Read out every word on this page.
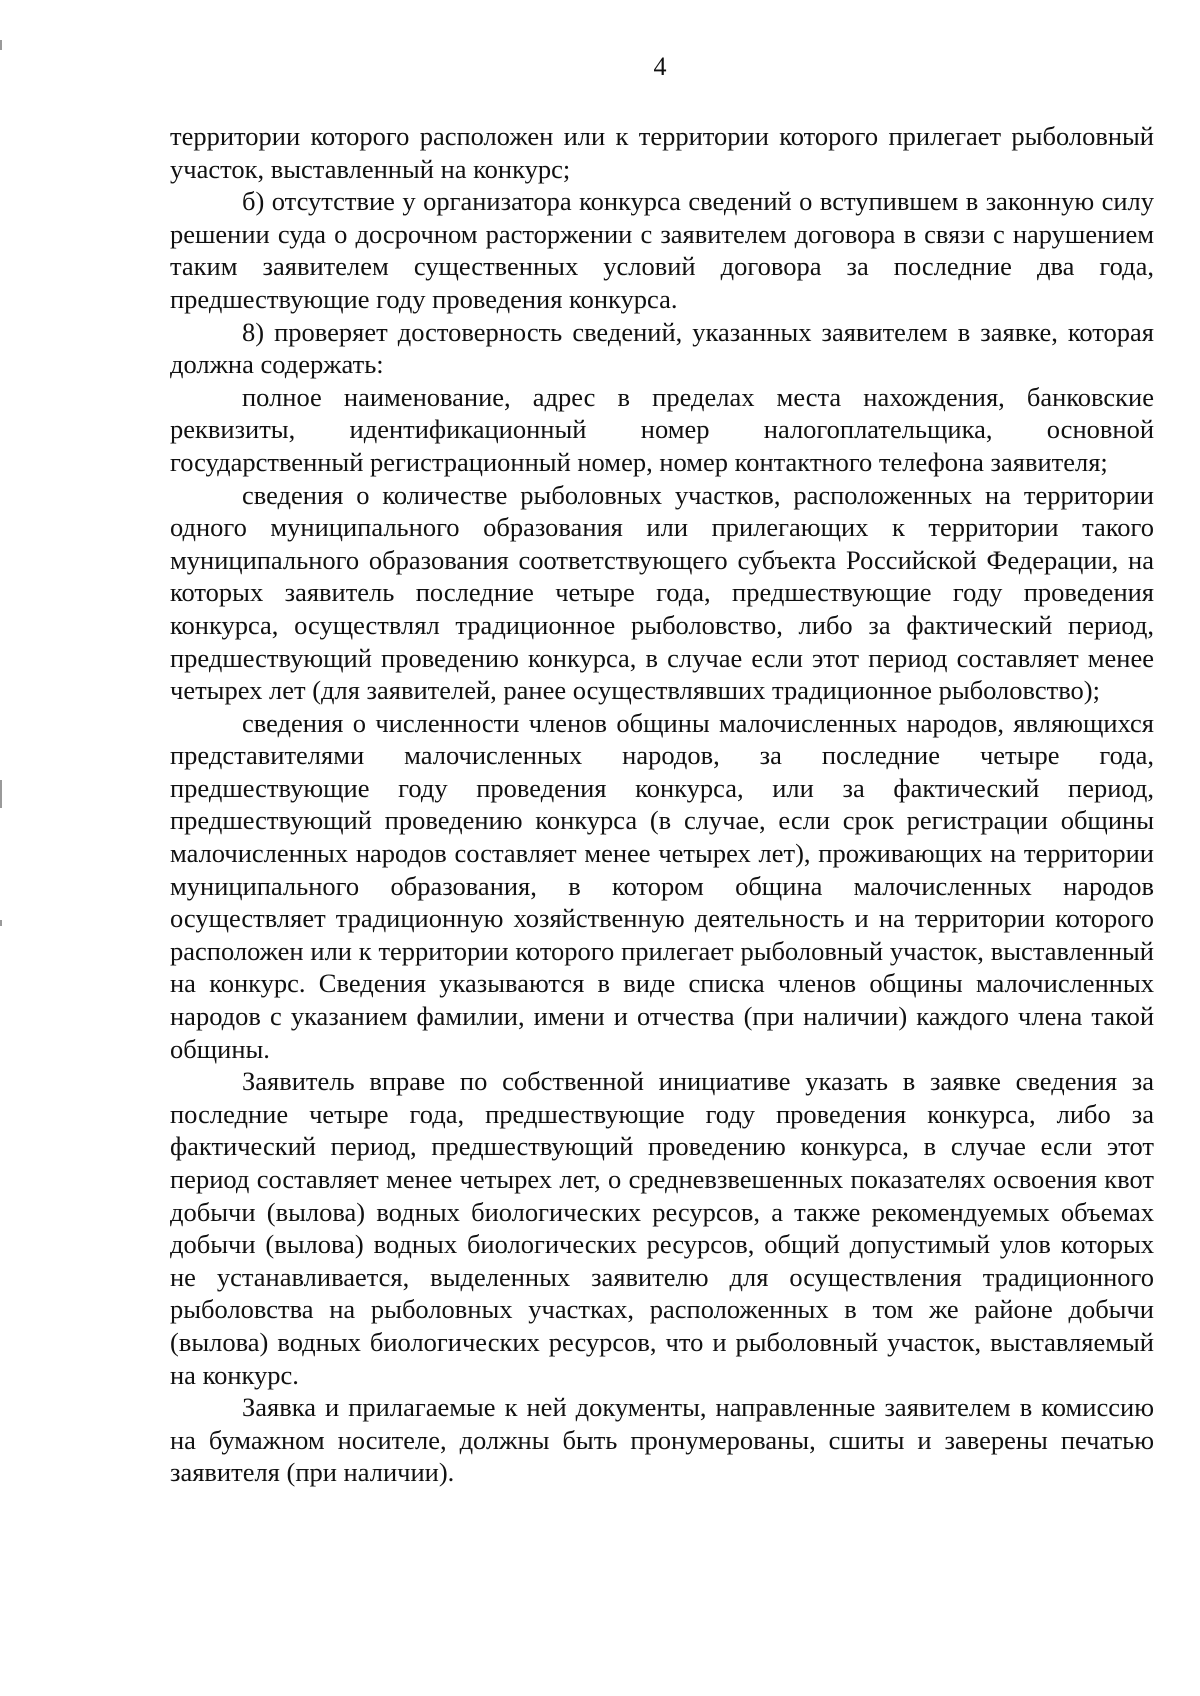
4

территории которого расположен или к территории которого прилегает рыболовный участок, выставленный на конкурс;

б) отсутствие у организатора конкурса сведений о вступившем в законную силу решении суда о досрочном расторжении с заявителем договора в связи с нарушением таким заявителем существенных условий договора за последние два года, предшествующие году проведения конкурса.

8) проверяет достоверность сведений, указанных заявителем в заявке, которая должна содержать:

полное наименование, адрес в пределах места нахождения, банковские реквизиты, идентификационный номер налогоплательщика, основной государственный регистрационный номер, номер контактного телефона заявителя;

сведения о количестве рыболовных участков, расположенных на территории одного муниципального образования или прилегающих к территории такого муниципального образования соответствующего субъекта Российской Федерации, на которых заявитель последние четыре года, предшествующие году проведения конкурса, осуществлял традиционное рыболовство, либо за фактический период, предшествующий проведению конкурса, в случае если этот период составляет менее четырех лет (для заявителей, ранее осуществлявших традиционное рыболовство);

сведения о численности членов общины малочисленных народов, являющихся представителями малочисленных народов, за последние четыре года, предшествующие году проведения конкурса, или за фактический период, предшествующий проведению конкурса (в случае, если срок регистрации общины малочисленных народов составляет менее четырех лет), проживающих на территории муниципального образования, в котором община малочисленных народов осуществляет традиционную хозяйственную деятельность и на территории которого расположен или к территории которого прилегает рыболовный участок, выставленный на конкурс. Сведения указываются в виде списка членов общины малочисленных народов с указанием фамилии, имени и отчества (при наличии) каждого члена такой общины.

Заявитель вправе по собственной инициативе указать в заявке сведения за последние четыре года, предшествующие году проведения конкурса, либо за фактический период, предшествующий проведению конкурса, в случае если этот период составляет менее четырех лет, о средневзвешенных показателях освоения квот добычи (вылова) водных биологических ресурсов, а также рекомендуемых объемах добычи (вылова) водных биологических ресурсов, общий допустимый улов которых не устанавливается, выделенных заявителю для осуществления традиционного рыболовства на рыболовных участках, расположенных в том же районе добычи (вылова) водных биологических ресурсов, что и рыболовный участок, выставляемый на конкурс.

Заявка и прилагаемые к ней документы, направленные заявителем в комиссию на бумажном носителе, должны быть пронумерованы, сшиты и заверены печатью заявителя (при наличии).
